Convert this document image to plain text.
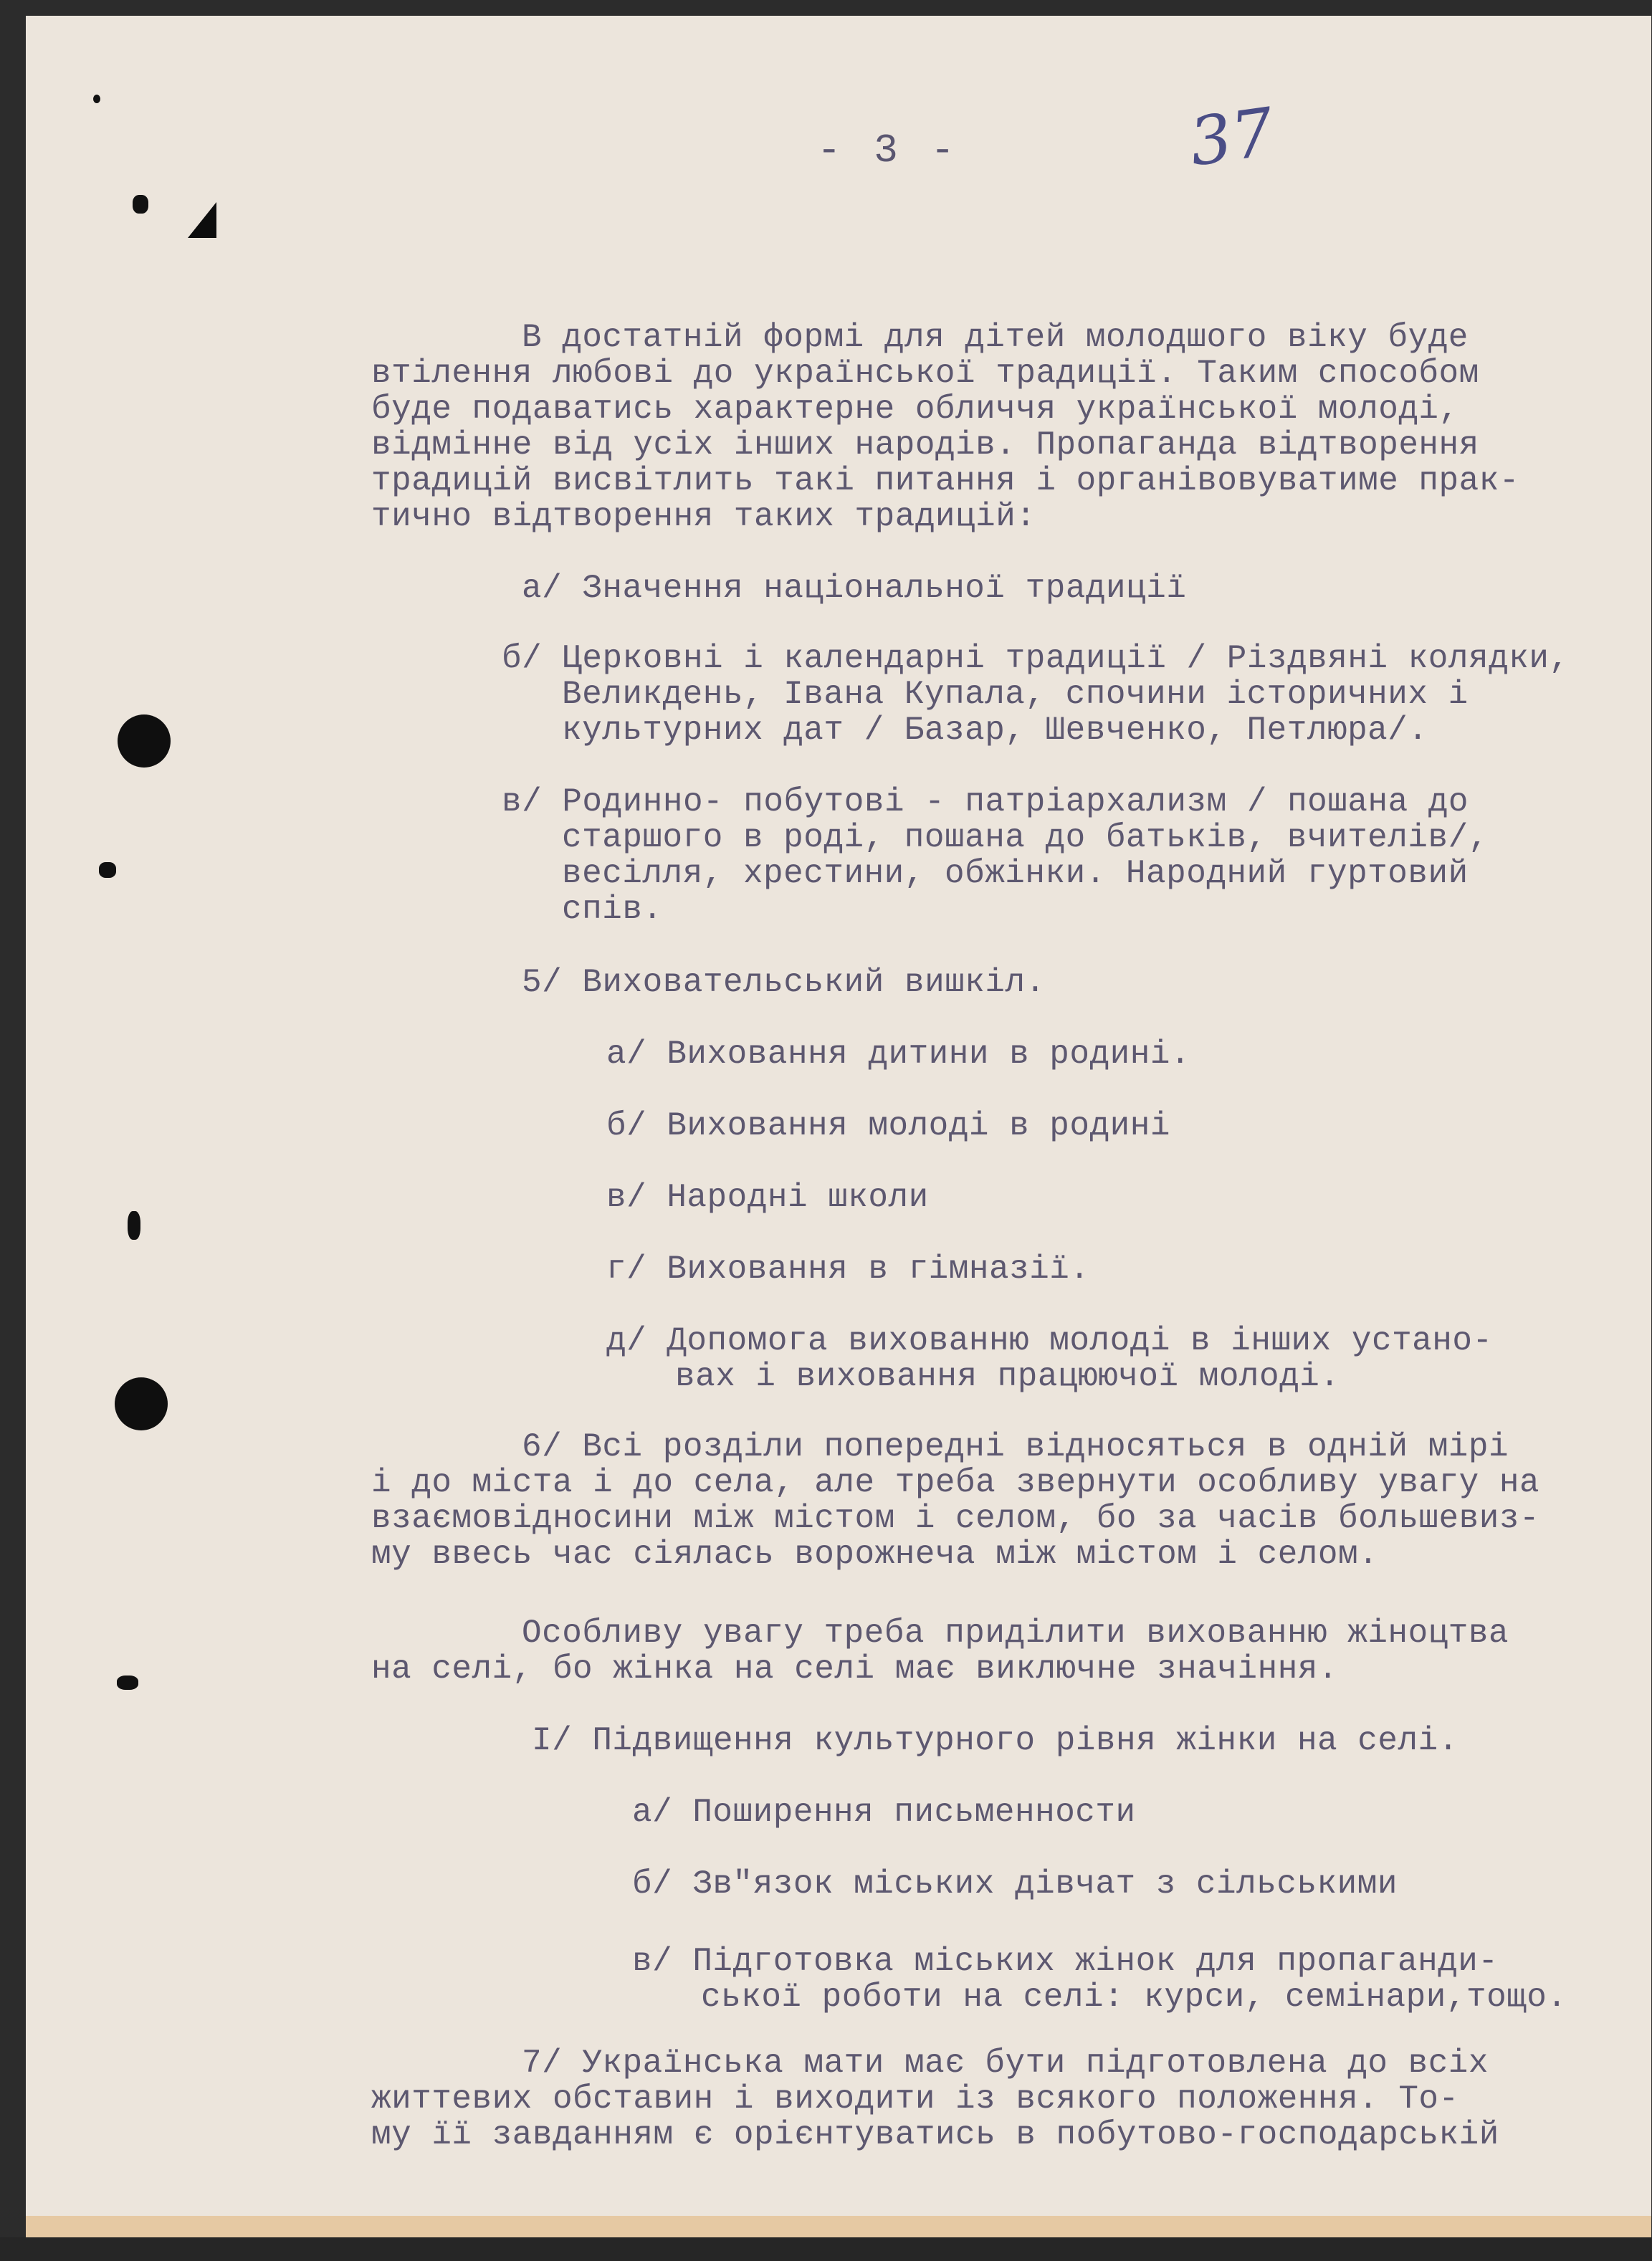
- 3 -	37
В достатній формі для дітей молодшого віку буде
втілення любові до української традиції. Таким способом
буде подаватись характерне обличчя української молоді,
відмінне від усіх інших народів. Пропаганда відтворення
традицій висвітлить такі питання і органівовуватиме прак-
тично відтворення таких традицій:
а/ Значення національної традиції
б/ Церковні і календарні традиції / Різдвяні колядки,
Великдень, Івана Купала, спочини історичних і
культурних дат / Базар, Шевченко, Петлюра/.
в/ Родинно- побутові - патріархализм / пошана до
старшого в роді, пошана до батьків, вчителів/,
весілля, хрестини, обжінки. Народний гуртовий
спів.
5/ Виховательський вишкіл.
а/ Виховання дитини в родині.
б/ Виховання молоді в родині
в/ Народні школи
г/ Виховання в гімназії.
д/ Допомога вихованню молоді в інших устано-
вах і виховання працюючої молоді.
6/ Всі розділи попередні відносяться в одній мірі
і до міста і до села, але треба звернути особливу увагу на
взаємовідносини між містом і селом, бо за часів большевиз-
му ввесь час сіялась ворожнеча між містом і селом.
Особливу увагу треба приділити вихованню жіноцтва
на селі, бо жінка на селі має виключне значіння.
І/ Підвищення культурного рівня жінки на селі.
а/ Поширення письменности
б/ Зв"язок міських дівчат з сільськими
в/ Підготовка міських жінок для пропаганди-
ської роботи на селі: курси, семінари,тощо.
7/ Українська мати має бути підготовлена до всіх
життевих обставин і виходити із всякого положення. То-
му її завданням є орієнтуватись в побутово-господарській
